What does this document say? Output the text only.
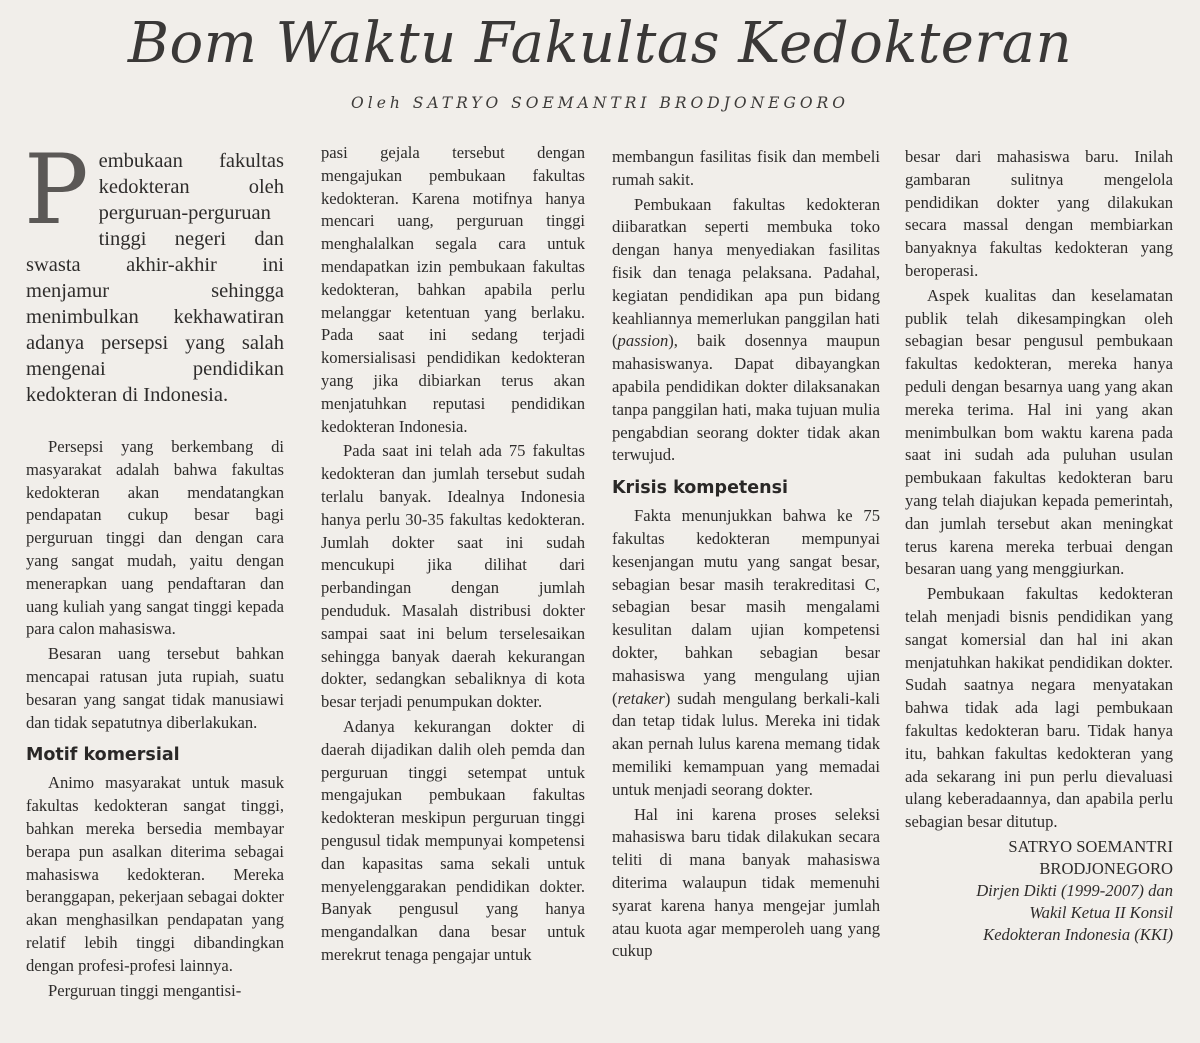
Bom Waktu Fakultas Kedokteran
Oleh SATRYO SOEMANTRI BRODJONEGORO
Pembukaan fakultas kedokteran oleh perguruan-perguruan tinggi negeri dan swasta akhir-akhir ini menjamur sehingga menimbulkan kekhawatiran adanya persepsi yang salah mengenai pendidikan kedokteran di Indonesia.

Persepsi yang berkembang di masyarakat adalah bahwa fakultas kedokteran akan mendatangkan pendapatan cukup besar bagi perguruan tinggi dan dengan cara yang sangat mudah, yaitu dengan menerapkan uang pendaftaran dan uang kuliah yang sangat tinggi kepada para calon mahasiswa.

Besaran uang tersebut bahkan mencapai ratusan juta rupiah, suatu besaran yang sangat tidak manusiawi dan tidak sepatutnya diberlakukan.

Motif komersial

Animo masyarakat untuk masuk fakultas kedokteran sangat tinggi, bahkan mereka bersedia membayar berapa pun asalkan diterima sebagai mahasiswa kedokteran. Mereka beranggapan, pekerjaan sebagai dokter akan menghasilkan pendapatan yang relatif lebih tinggi dibandingkan dengan profesi-profesi lainnya.

Perguruan tinggi mengantisi-

pasi gejala tersebut dengan mengajukan pembukaan fakultas kedokteran. Karena motifnya hanya mencari uang, perguruan tinggi menghalalkan segala cara untuk mendapatkan izin pembukaan fakultas kedokteran, bahkan apabila perlu melanggar ketentuan yang berlaku. Pada saat ini sedang terjadi komersialisasi pendidikan kedokteran yang jika dibiarkan terus akan menjatuhkan reputasi pendidikan kedokteran Indonesia.

Pada saat ini telah ada 75 fakultas kedokteran dan jumlah tersebut sudah terlalu banyak. Idealnya Indonesia hanya perlu 30-35 fakultas kedokteran. Jumlah dokter saat ini sudah mencukupi jika dilihat dari perbandingan dengan jumlah penduduk. Masalah distribusi dokter sampai saat ini belum terselesaikan sehingga banyak daerah kekurangan dokter, sedangkan sebaliknya di kota besar terjadi penumpukan dokter.

Adanya kekurangan dokter di daerah dijadikan dalih oleh pemda dan perguruan tinggi setempat untuk mengajukan pembukaan fakultas kedokteran meskipun perguruan tinggi pengusul tidak mempunyai kompetensi dan kapasitas sama sekali untuk menyelenggarakan pendidikan dokter. Banyak pengusul yang hanya mengandalkan dana besar untuk merekrut tenaga pengajar untuk

membangun fasilitas fisik dan membeli rumah sakit.

Pembukaan fakultas kedokteran diibaratkan seperti membuka toko dengan hanya menyediakan fasilitas fisik dan tenaga pelaksana. Padahal, kegiatan pendidikan apa pun bidang keahliannya memerlukan panggilan hati (passion), baik dosennya maupun mahasiswanya. Dapat dibayangkan apabila pendidikan dokter dilaksanakan tanpa panggilan hati, maka tujuan mulia pengabdian seorang dokter tidak akan terwujud.

Krisis kompetensi

Fakta menunjukkan bahwa ke 75 fakultas kedokteran mempunyai kesenjangan mutu yang sangat besar, sebagian besar masih terakreditasi C, sebagian besar masih mengalami kesulitan dalam ujian kompetensi dokter, bahkan sebagian besar mahasiswa yang mengulang ujian (retaker) sudah mengulang berkali-kali dan tetap tidak lulus. Mereka ini tidak akan pernah lulus karena memang tidak memiliki kemampuan yang memadai untuk menjadi seorang dokter.

Hal ini karena proses seleksi mahasiswa baru tidak dilakukan secara teliti di mana banyak mahasiswa diterima walaupun tidak memenuhi syarat karena hanya mengejar jumlah atau kuota agar memperoleh uang yang cukup

besar dari mahasiswa baru. Inilah gambaran sulitnya mengelola pendidikan dokter yang dilakukan secara massal dengan membiarkan banyaknya fakultas kedokteran yang beroperasi.

Aspek kualitas dan keselamatan publik telah dikesampingkan oleh sebagian besar pengusul pembukaan fakultas kedokteran, mereka hanya peduli dengan besarnya uang yang akan mereka terima. Hal ini yang akan menimbulkan bom waktu karena pada saat ini sudah ada puluhan usulan pembukaan fakultas kedokteran baru yang telah diajukan kepada pemerintah, dan jumlah tersebut akan meningkat terus karena mereka terbuai dengan besaran uang yang menggiurkan.

Pembukaan fakultas kedokteran telah menjadi bisnis pendidikan yang sangat komersial dan hal ini akan menjatuhkan hakikat pendidikan dokter. Sudah saatnya negara menyatakan bahwa tidak ada lagi pembukaan fakultas kedokteran baru. Tidak hanya itu, bahkan fakultas kedokteran yang ada sekarang ini pun perlu dievaluasi ulang keberadaannya, dan apabila perlu sebagian besar ditutup.

SATRYO SOEMANTRI
BRODJONEGORO
Dirjen Dikti (1999-2007) dan
Wakil Ketua II Konsil
Kedokteran Indonesia (KKI)
